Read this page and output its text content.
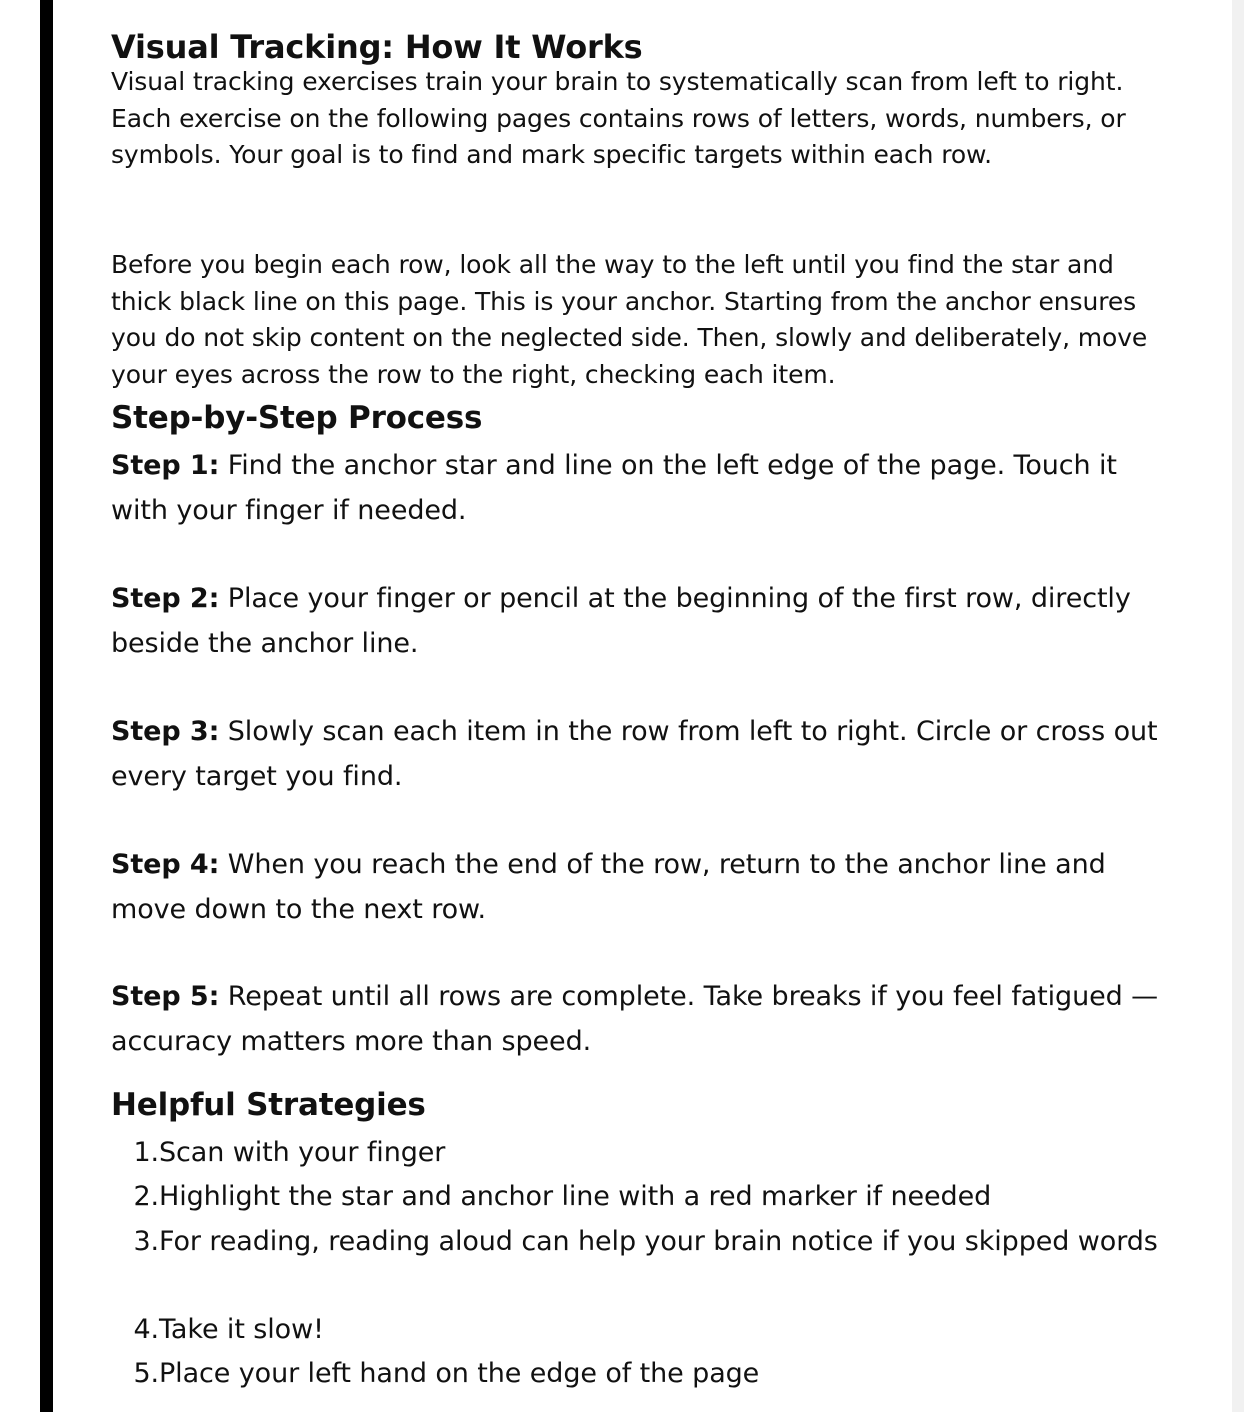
Visual Tracking: How It Works

Visual tracking exercises train your brain to systematically scan from left to right. Each exercise on the following pages contains rows of letters, words, numbers, or symbols. Your goal is to find and mark specific targets within each row.

Before you begin each row, look all the way to the left until you find the star and thick black line on this page. This is your anchor. Starting from the anchor ensures you do not skip content on the neglected side. Then, slowly and deliberately, move your eyes across the row to the right, checking each item.

Step-by-Step Process

Step 1: Find the anchor star and line on the left edge of the page. Touch it with your finger if needed.

Step 2: Place your finger or pencil at the beginning of the first row, directly beside the anchor line.

Step 3: Slowly scan each item in the row from left to right. Circle or cross out every target you find.

Step 4: When you reach the end of the row, return to the anchor line and move down to the next row.

Step 5: Repeat until all rows are complete. Take breaks if you feel fatigued — accuracy matters more than speed.

Helpful Strategies
1. Scan with your finger
2. Highlight the star and anchor line with a red marker if needed
3. For reading, reading aloud can help your brain notice if you skipped words
4. Take it slow!
5. Place your left hand on the edge of the page
